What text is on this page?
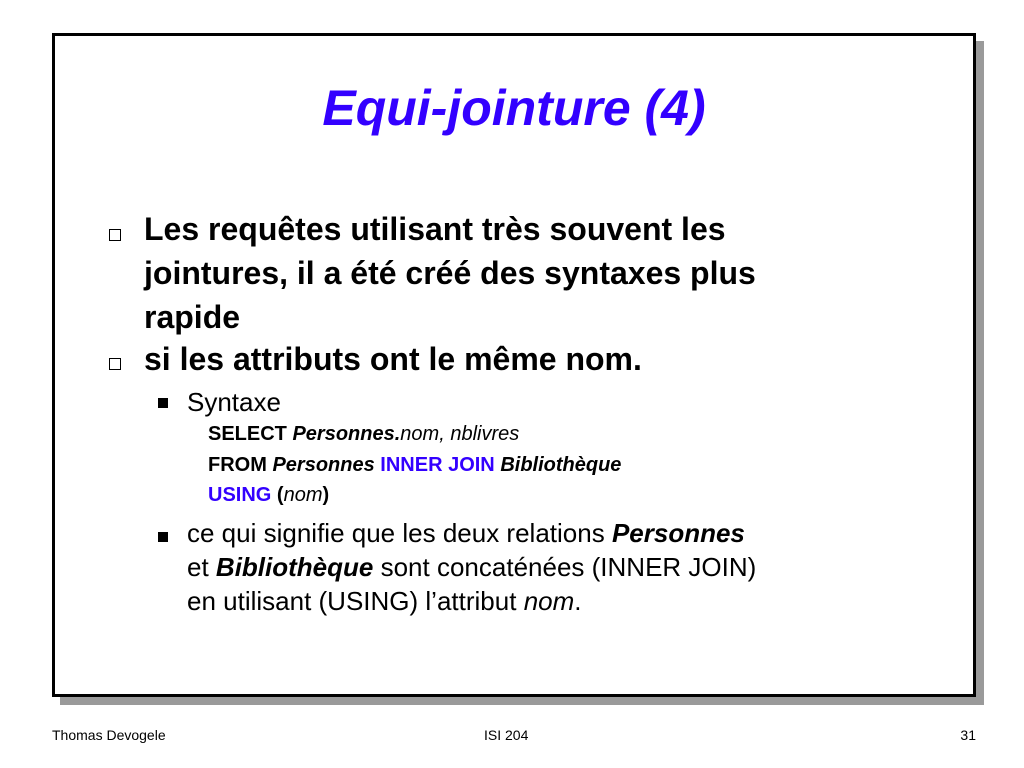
Equi-jointure (4)
Les requêtes utilisant très souvent les
jointures, il a été créé des syntaxes plus
rapide
si les attributs ont le même nom.
Syntaxe
SELECT Personnes.nom, nblivres
FROM Personnes INNER JOIN Bibliothèque
USING (nom)
ce qui signifie que les deux relations Personnes
et Bibliothèque sont concaténées (INNER JOIN)
en utilisant (USING) l’attribut nom.
Thomas Devogele	ISI 204	31
